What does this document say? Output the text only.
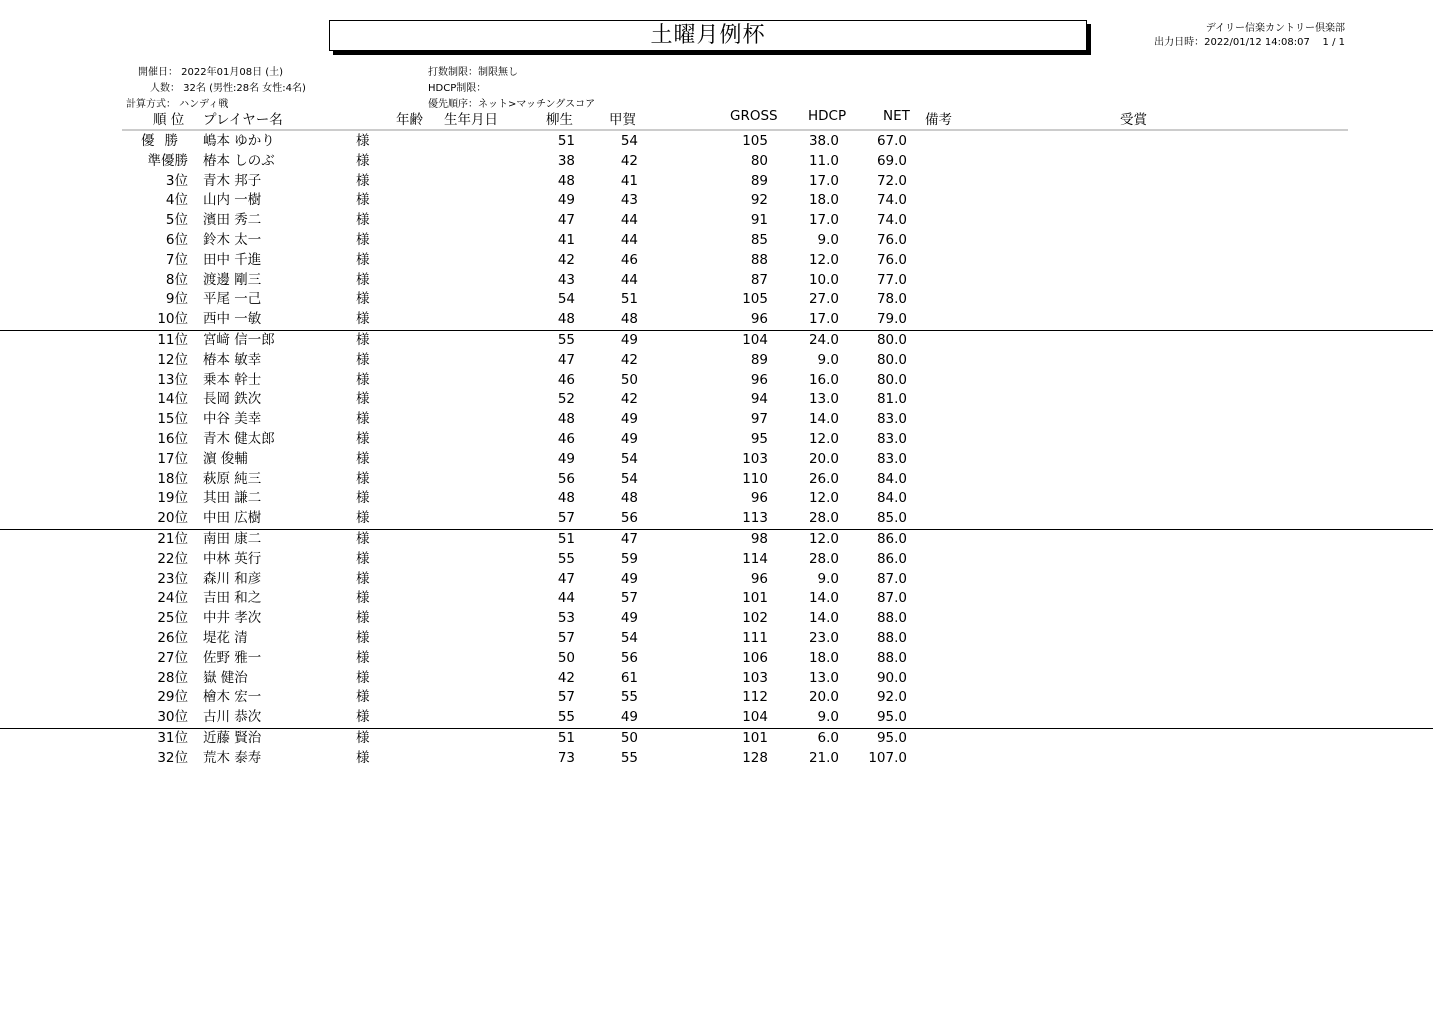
土曜月例杯	デイリー信楽カントリー倶楽部
出力日時：2022/01/12 14:08:07 1 / 1
開催日： 2022年01月08日 (土)
人数： 32名 (男性:28名 女性:4名)
計算方式： ハンディ戦
打数制限：制限無し
HDCP制限：
優先順序：ネット>マッチングスコア
順 位 プレイヤー名	年齢 生年月日	柳生	甲賀	GROSS HDCP	NET 備考	受賞
優勝 嶋本 ゆかり	様	51	54	105	38.0	67.0
準優勝 椿本 しのぶ	様	38	42	80	11.0	69.0
3位 青木 邦子	様	48	41	89	17.0	72.0
4位 山内 一樹	様	49	43	92	18.0	74.0
5位 濱田 秀二	様	47	44	91	17.0	74.0
6位 鈴木 太一	様	41	44	85	9.0	76.0
7位 田中 千進	様	42	46	88	12.0	76.0
8位 渡邊 剛三	様	43	44	87	10.0	77.0
9位 平尾 一己	様	54	51	105	27.0	78.0
10位 西中 一敏	様	48	48	96	17.0	79.0
11位 宮﨑 信一郎	様	55	49	104	24.0	80.0
12位 椿本 敏幸	様	47	42	89	9.0	80.0
13位 乗本 幹士	様	46	50	96	16.0	80.0
14位 長岡 鉄次	様	52	42	94	13.0	81.0
15位 中谷 美幸	様	48	49	97	14.0	83.0
16位 青木 健太郎	様	46	49	95	12.0	83.0
17位 濵 俊輔	様	49	54	103	20.0	83.0
18位 萩原 純三	様	56	54	110	26.0	84.0
19位 其田 謙二	様	48	48	96	12.0	84.0
20位 中田 広樹	様	57	56	113	28.0	85.0
21位 南田 康二	様	51	47	98	12.0	86.0
22位 中林 英行	様	55	59	114	28.0	86.0
23位 森川 和彦	様	47	49	96	9.0	87.0
24位 吉田 和之	様	44	57	101	14.0	87.0
25位 中井 孝次	様	53	49	102	14.0	88.0
26位 堤花 清	様	57	54	111	23.0	88.0
27位 佐野 雅一	様	50	56	106	18.0	88.0
28位 嶽 健治	様	42	61	103	13.0	90.0
29位 檜木 宏一	様	57	55	112	20.0	92.0
30位 古川 恭次	様	55	49	104	9.0	95.0
31位 近藤 賢治	様	51	50	101	6.0	95.0
32位 荒木 泰寿	様	73	55	128	21.0	107.0
